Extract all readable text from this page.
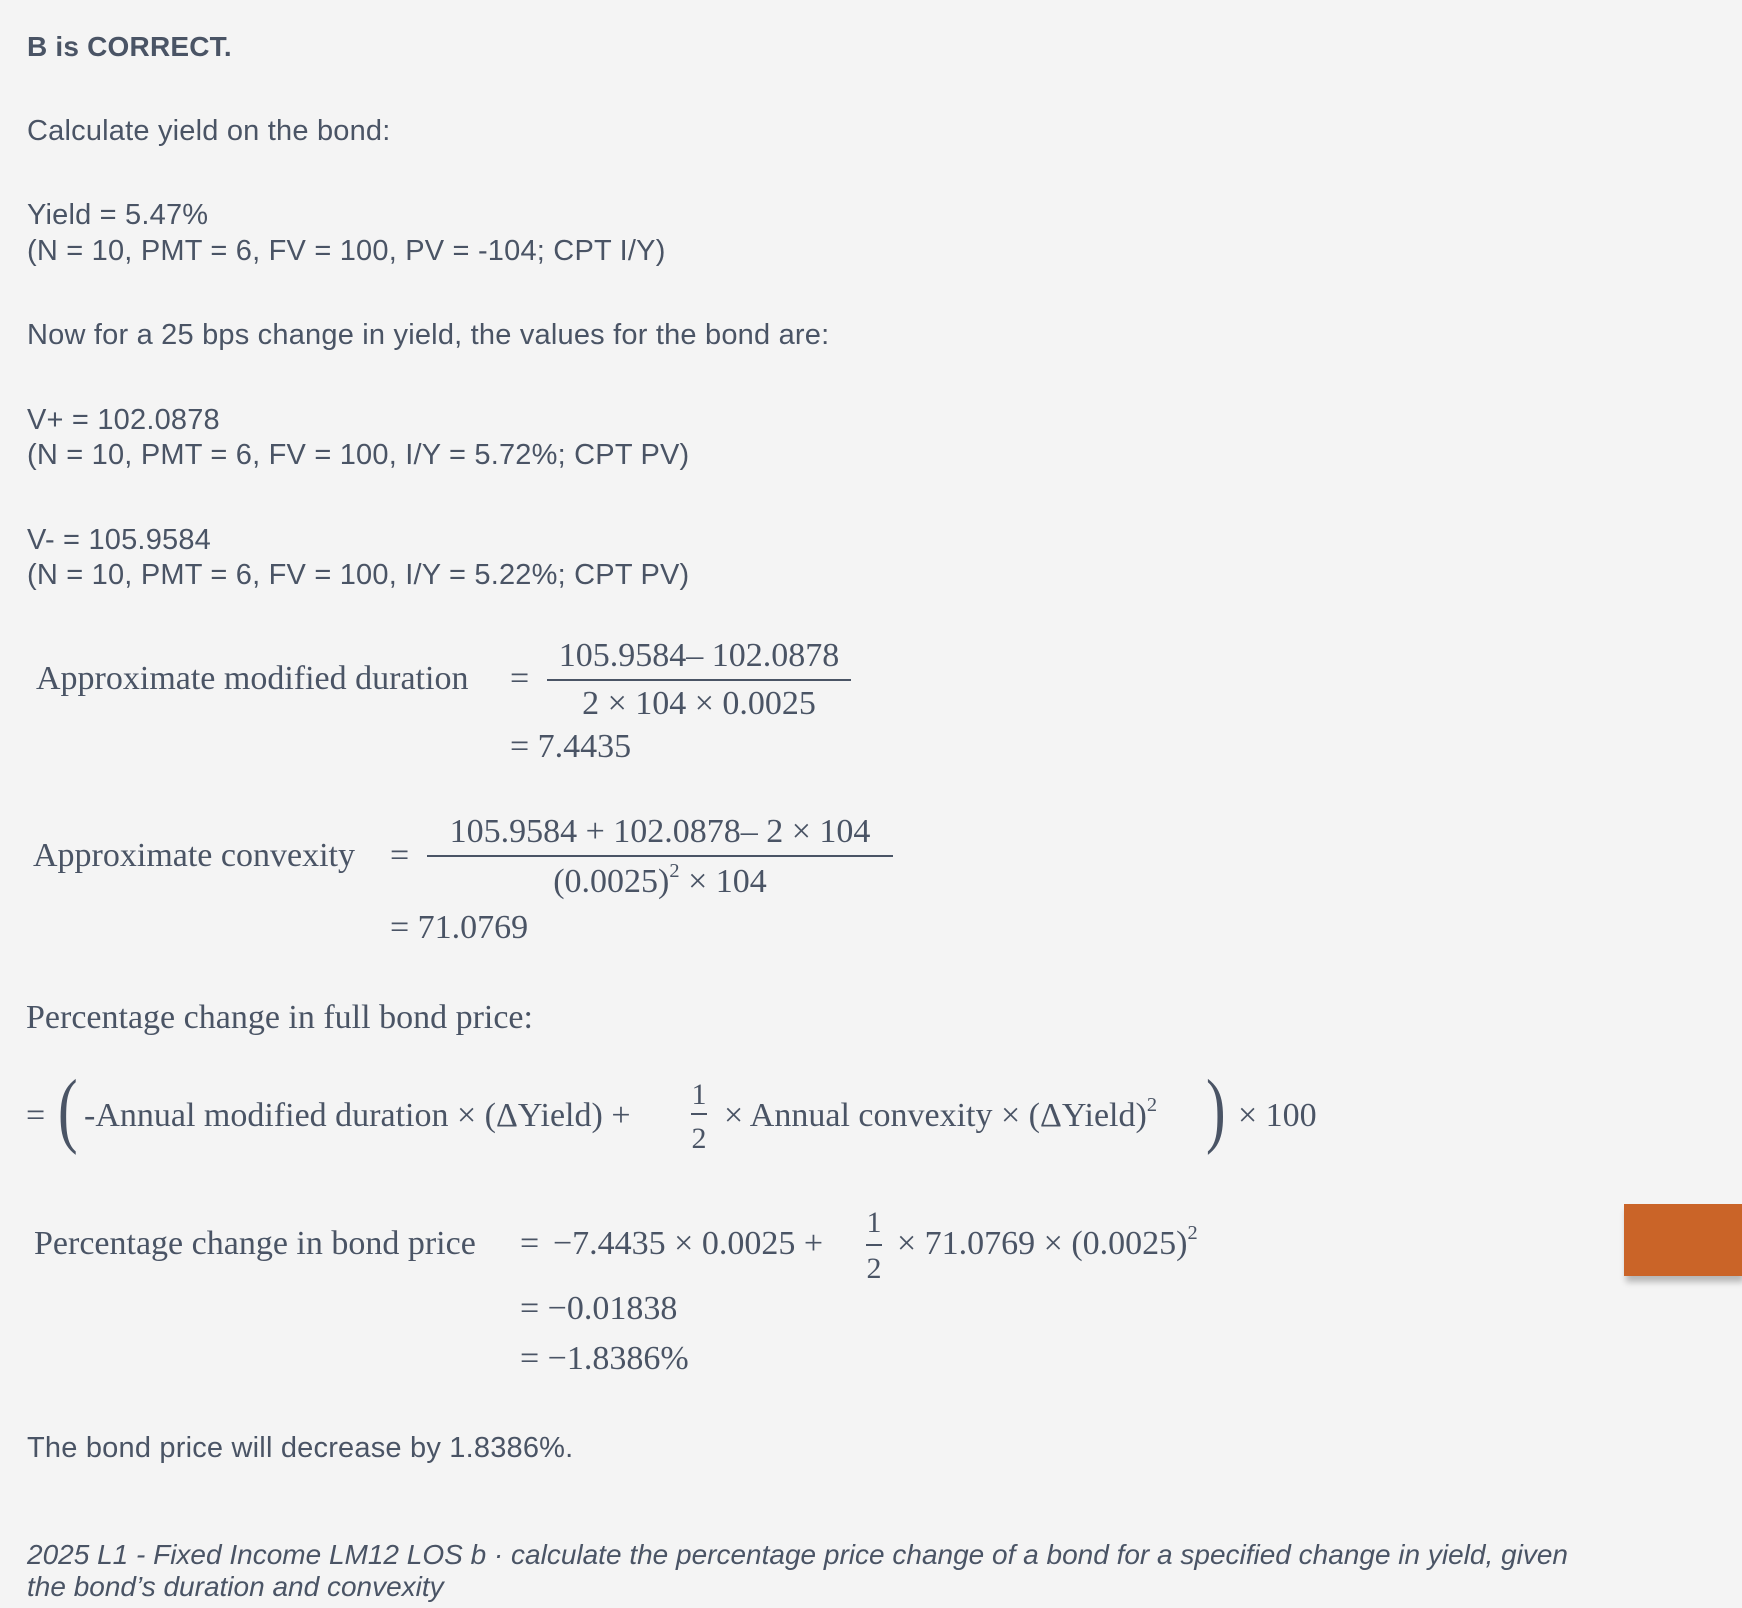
B is CORRECT.
Calculate yield on the bond:
Yield = 5.47%
(N = 10, PMT = 6, FV = 100, PV = -104; CPT I/Y)
Now for a 25 bps change in yield, the values for the bond are:
V+ = 102.0878
(N = 10, PMT = 6, FV = 100, I/Y = 5.72%; CPT PV)
V- = 105.9584
(N = 10, PMT = 6, FV = 100, I/Y = 5.22%; CPT PV)
Approximate modified duration =
105.9584– 102.0878
2 × 104 × 0.0025
= 7.4435
Approximate convexity =
105.9584 + 102.0878– 2 × 104
$(0.0025)^2 \times 104$
= 71.0769
Percentage change in full bond price:
= ( -Annual modified duration × (ΔYield) +
1
2
× Annual convexity × (ΔYield)$^2$ ) × 100
Percentage change in bond price = −7.4435 × 0.0025 +
1
2
× $71.0769 \times (0.0025)^2$
= −0.01838
= −1.8386%
The bond price will decrease by 1.8386%.
2025 L1 - Fixed Income LM12 LOS b · calculate the percentage price change of a bond for a specified change in yield, given
the bond’s duration and convexity
